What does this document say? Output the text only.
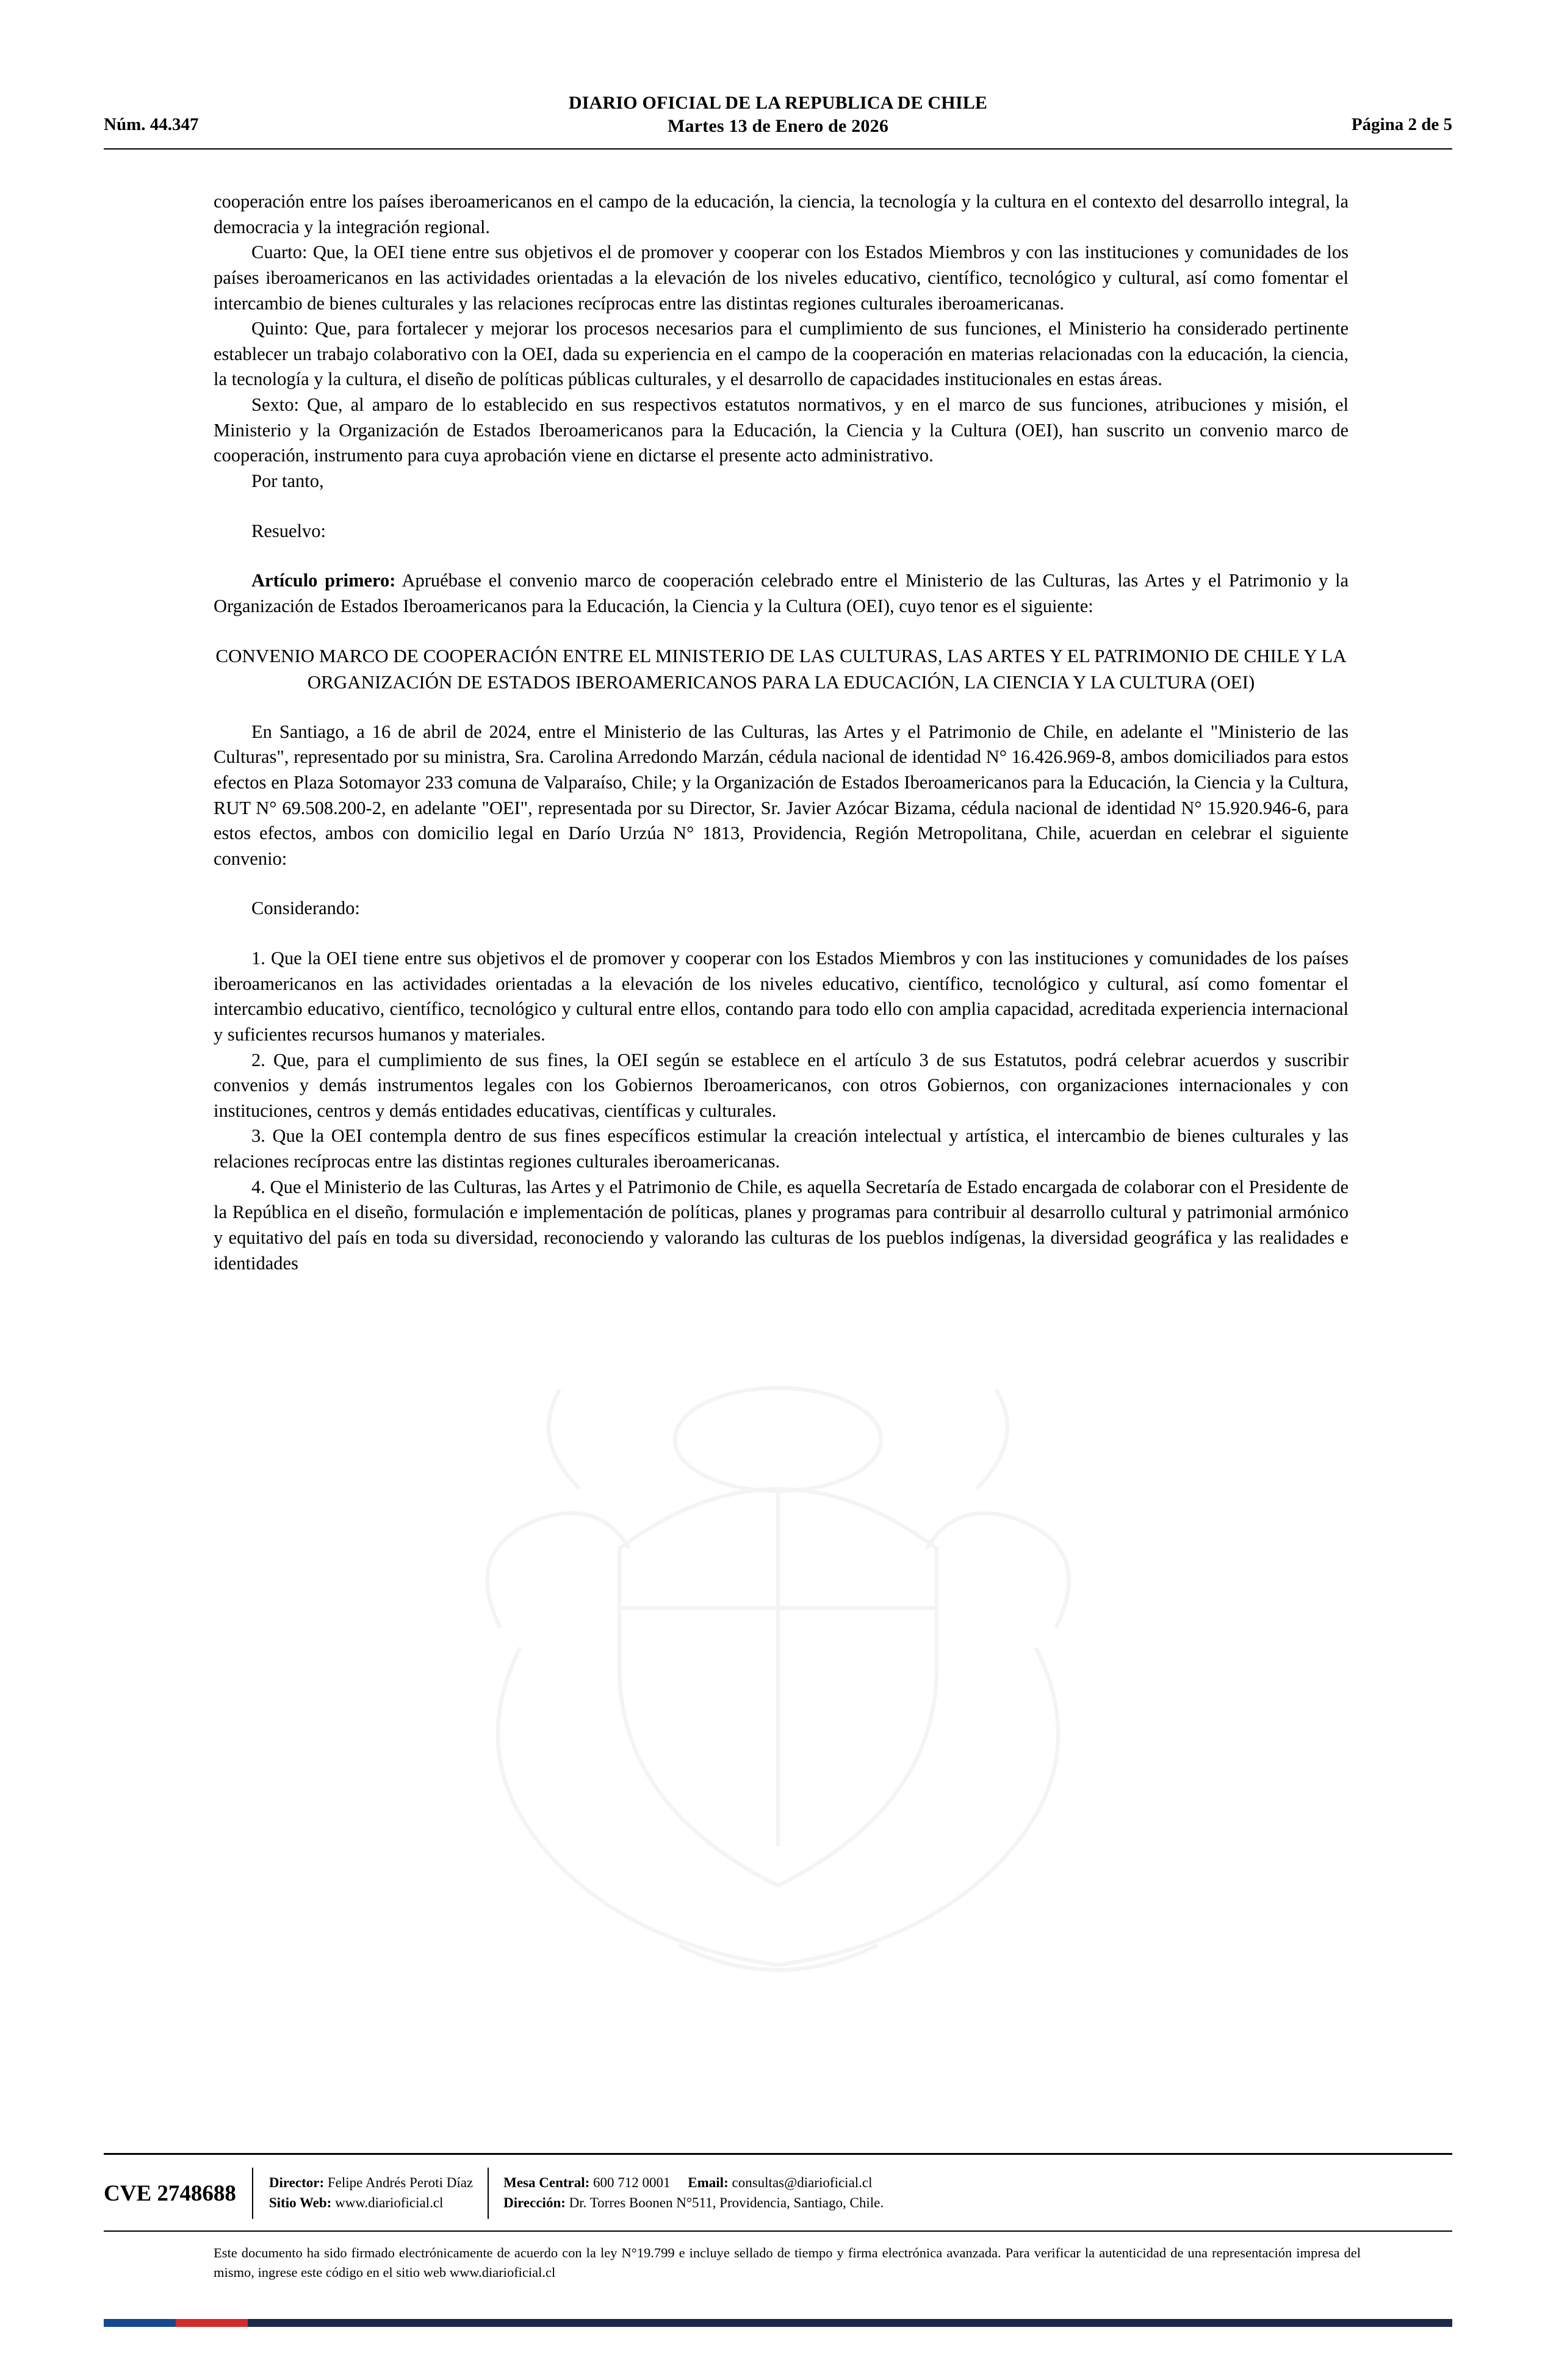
DIARIO OFICIAL DE LA REPUBLICA DE CHILE
Núm. 44.347	Martes 13 de Enero de 2026	Página 2 de 5

cooperación entre los países iberoamericanos en el campo de la educación, la ciencia, la tecnología y la cultura en el contexto del desarrollo integral, la democracia y la integración regional.

Cuarto: Que, la OEI tiene entre sus objetivos el de promover y cooperar con los Estados Miembros y con las instituciones y comunidades de los países iberoamericanos en las actividades orientadas a la elevación de los niveles educativo, científico, tecnológico y cultural, así como fomentar el intercambio de bienes culturales y las relaciones recíprocas entre las distintas regiones culturales iberoamericanas.

Quinto: Que, para fortalecer y mejorar los procesos necesarios para el cumplimiento de sus funciones, el Ministerio ha considerado pertinente establecer un trabajo colaborativo con la OEI, dada su experiencia en el campo de la cooperación en materias relacionadas con la educación, la ciencia, la tecnología y la cultura, el diseño de políticas públicas culturales, y el desarrollo de capacidades institucionales en estas áreas.

Sexto: Que, al amparo de lo establecido en sus respectivos estatutos normativos, y en el marco de sus funciones, atribuciones y misión, el Ministerio y la Organización de Estados Iberoamericanos para la Educación, la Ciencia y la Cultura (OEI), han suscrito un convenio marco de cooperación, instrumento para cuya aprobación viene en dictarse el presente acto administrativo.

Por tanto,

Resuelvo:

Artículo primero: Apruébase el convenio marco de cooperación celebrado entre el Ministerio de las Culturas, las Artes y el Patrimonio y la Organización de Estados Iberoamericanos para la Educación, la Ciencia y la Cultura (OEI), cuyo tenor es el siguiente:

CONVENIO MARCO DE COOPERACIÓN ENTRE EL MINISTERIO DE LAS CULTURAS, LAS ARTES Y EL PATRIMONIO DE CHILE Y LA ORGANIZACIÓN DE ESTADOS IBEROAMERICANOS PARA LA EDUCACIÓN, LA CIENCIA Y LA CULTURA (OEI)

En Santiago, a 16 de abril de 2024, entre el Ministerio de las Culturas, las Artes y el Patrimonio de Chile, en adelante el "Ministerio de las Culturas", representado por su ministra, Sra. Carolina Arredondo Marzán, cédula nacional de identidad N° 16.426.969-8, ambos domiciliados para estos efectos en Plaza Sotomayor 233 comuna de Valparaíso, Chile; y la Organización de Estados Iberoamericanos para la Educación, la Ciencia y la Cultura, RUT N° 69.508.200-2, en adelante "OEI", representada por su Director, Sr. Javier Azócar Bizama, cédula nacional de identidad N° 15.920.946-6, para estos efectos, ambos con domicilio legal en Darío Urzúa N° 1813, Providencia, Región Metropolitana, Chile, acuerdan en celebrar el siguiente convenio:

Considerando:

1. Que la OEI tiene entre sus objetivos el de promover y cooperar con los Estados Miembros y con las instituciones y comunidades de los países iberoamericanos en las actividades orientadas a la elevación de los niveles educativo, científico, tecnológico y cultural, así como fomentar el intercambio educativo, científico, tecnológico y cultural entre ellos, contando para todo ello con amplia capacidad, acreditada experiencia internacional y suficientes recursos humanos y materiales.

2. Que, para el cumplimiento de sus fines, la OEI según se establece en el artículo 3 de sus Estatutos, podrá celebrar acuerdos y suscribir convenios y demás instrumentos legales con los Gobiernos Iberoamericanos, con otros Gobiernos, con organizaciones internacionales y con instituciones, centros y demás entidades educativas, científicas y culturales.

3. Que la OEI contempla dentro de sus fines específicos estimular la creación intelectual y artística, el intercambio de bienes culturales y las relaciones recíprocas entre las distintas regiones culturales iberoamericanas.

4. Que el Ministerio de las Culturas, las Artes y el Patrimonio de Chile, es aquella Secretaría de Estado encargada de colaborar con el Presidente de la República en el diseño, formulación e implementación de políticas, planes y programas para contribuir al desarrollo cultural y patrimonial armónico y equitativo del país en toda su diversidad, reconociendo y valorando las culturas de los pueblos indígenas, la diversidad geográfica y las realidades e identidades

CVE 2748688	Director: Felipe Andrés Peroti Díaz
Sitio Web: www.diarioficial.cl
Mesa Central: 600 712 0001 Email: consultas@diarioficial.cl
Dirección: Dr. Torres Boonen N°511, Providencia, Santiago, Chile.
Este documento ha sido firmado electrónicamente de acuerdo con la ley N°19.799 e incluye sellado de tiempo y firma electrónica avanzada. Para verificar la autenticidad de una representación impresa del mismo, ingrese este código en el sitio web www.diarioficial.cl
